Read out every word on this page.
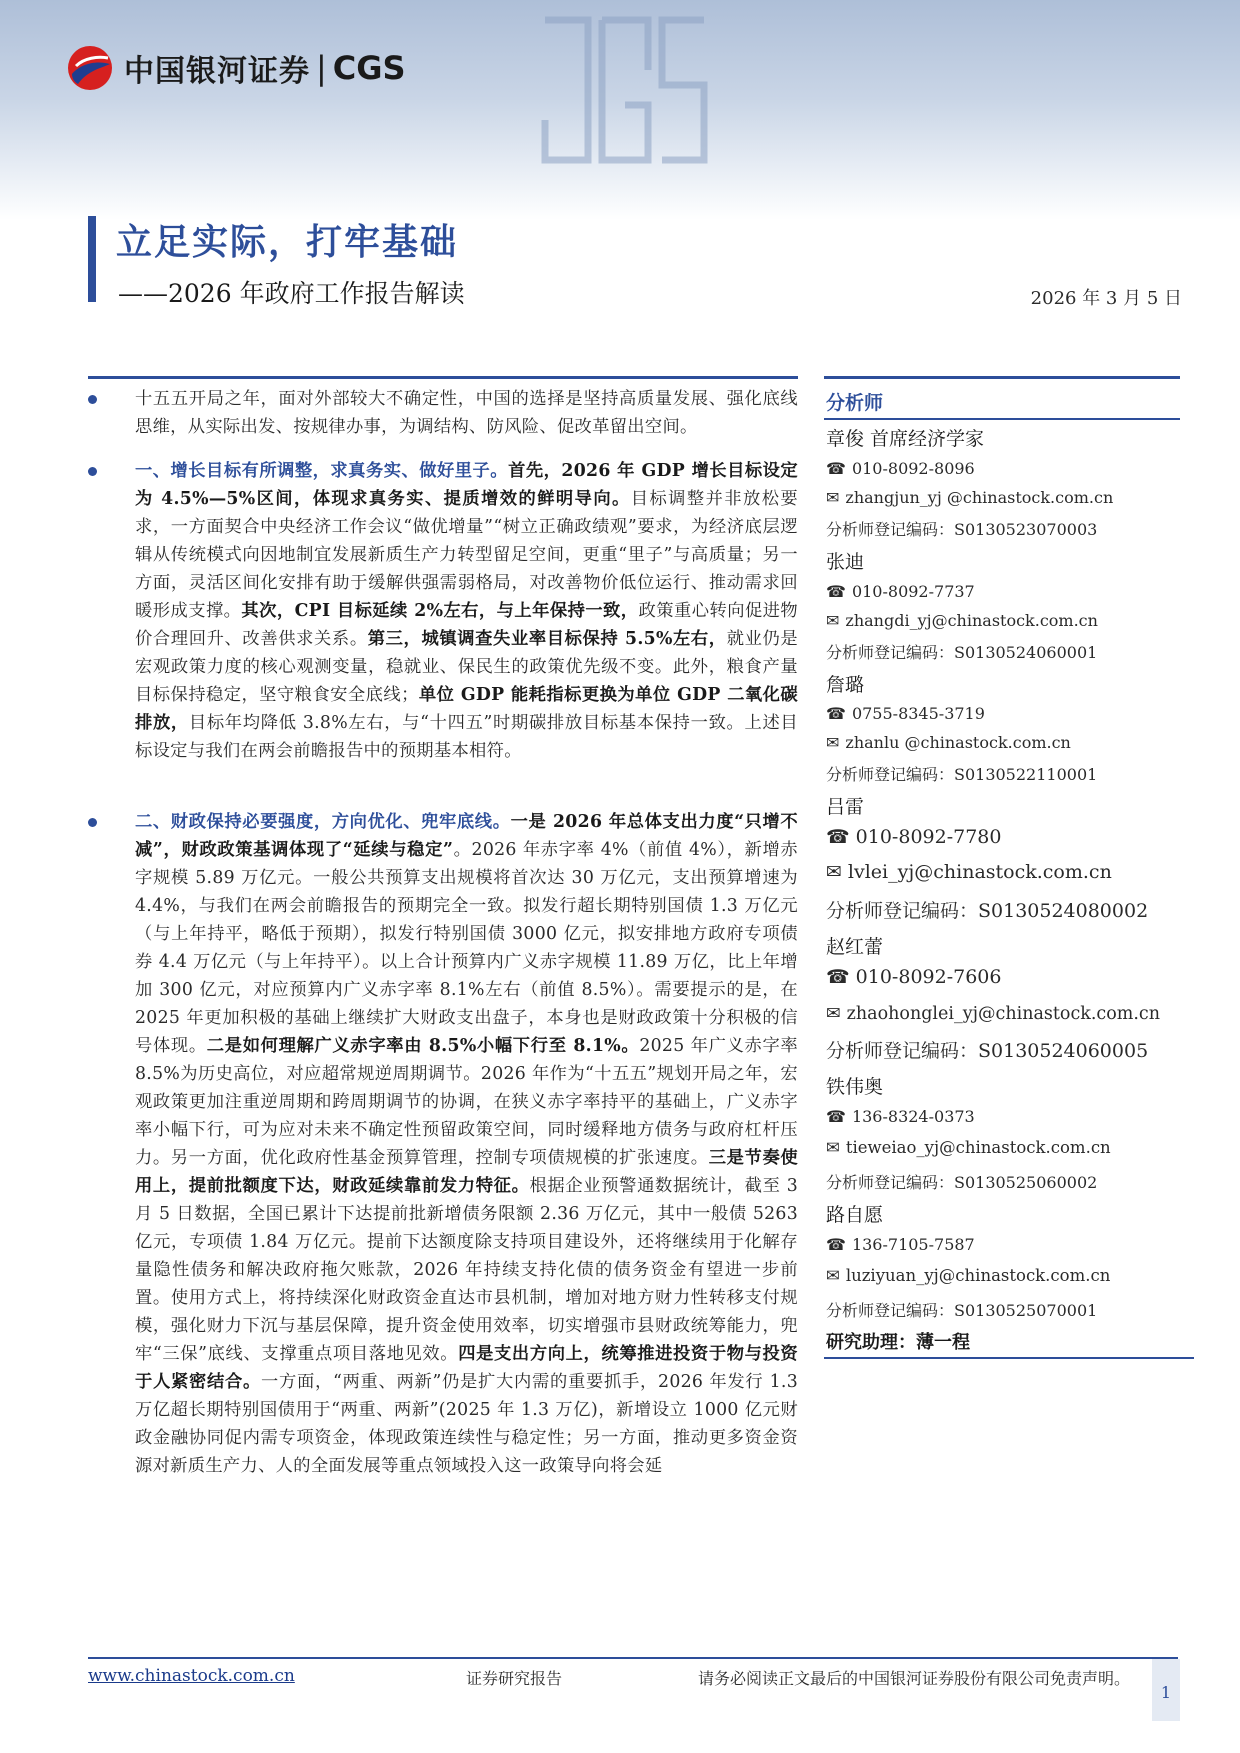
中国银河证券 | CGS
立足实际，打牢基础
——2026 年政府工作报告解读	2026 年 3 月 5 日
十五五开局之年，面对外部较大不确定性，中国的选择是坚持高质量发展、强化底线思维，从实际出发、按规律办事，为调结构、防风险、促改革留出空间。
一、增长目标有所调整，求真务实、做好里子。首先，2026 年 GDP 增长目标设定为 4.5%—5%区间，体现求真务实、提质增效的鲜明导向。目标调整并非放松要求，一方面契合中央经济工作会议“做优增量”“树立正确政绩观”要求，为经济底层逻辑从传统模式向因地制宜发展新质生产力转型留足空间，更重“里子”与高质量；另一方面，灵活区间化安排有助于缓解供强需弱格局，对改善物价低位运行、推动需求回暖形成支撑。其次，CPI 目标延续 2%左右，与上年保持一致，政策重心转向促进物价合理回升、改善供求关系。第三，城镇调查失业率目标保持 5.5%左右，就业仍是宏观政策力度的核心观测变量，稳就业、保民生的政策优先级不变。此外，粮食产量目标保持稳定，坚守粮食安全底线；单位 GDP 能耗指标更换为单位 GDP 二氧化碳排放，目标年均降低 3.8%左右，与“十四五”时期碳排放目标基本保持一致。上述目标设定与我们在两会前瞻报告中的预期基本相符。
二、财政保持必要强度，方向优化、兜牢底线。一是 2026 年总体支出力度“只增不减”，财政政策基调体现了“延续与稳定”。2026 年赤字率 4%（前值 4%），新增赤字规模 5.89 万亿元。一般公共预算支出规模将首次达 30 万亿元，支出预算增速为 4.4%，与我们在两会前瞻报告的预期完全一致。拟发行超长期特别国债 1.3 万亿元（与上年持平，略低于预期），拟发行特别国债 3000 亿元，拟安排地方政府专项债券 4.4 万亿元（与上年持平）。以上合计预算内广义赤字规模 11.89 万亿，比上年增加 300 亿元，对应预算内广义赤字率 8.1%左右（前值 8.5%）。需要提示的是，在 2025 年更加积极的基础上继续扩大财政支出盘子，本身也是财政政策十分积极的信号体现。二是如何理解广义赤字率由 8.5%小幅下行至 8.1%。2025 年广义赤字率 8.5%为历史高位，对应超常规逆周期调节。2026 年作为“十五五”规划开局之年，宏观政策更加注重逆周期和跨周期调节的协调，在狭义赤字率持平的基础上，广义赤字率小幅下行，可为应对未来不确定性预留政策空间，同时缓释地方债务与政府杠杆压力。另一方面，优化政府性基金预算管理，控制专项债规模的扩张速度。三是节奏使用上，提前批额度下达，财政延续靠前发力特征。根据企业预警通数据统计，截至 3 月 5 日数据，全国已累计下达提前批新增债务限额 2.36 万亿元，其中一般债 5263 亿元，专项债 1.84 万亿元。提前下达额度除支持项目建设外，还将继续用于化解存量隐性债务和解决政府拖欠账款，2026 年持续支持化债的债务资金有望进一步前置。使用方式上，将持续深化财政资金直达市县机制，增加对地方财力性转移支付规模，强化财力下沉与基层保障，提升资金使用效率，切实增强市县财政统筹能力，兜牢“三保”底线、支撑重点项目落地见效。四是支出方向上，统筹推进投资于物与投资于人紧密结合。一方面，“两重、两新”仍是扩大内需的重要抓手，2026 年发行 1.3 万亿超长期特别国债用于“两重、两新”(2025 年 1.3 万亿)，新增设立 1000 亿元财政金融协同促内需专项资金，体现政策连续性与稳定性；另一方面，推动更多资金资源对新质生产力、人的全面发展等重点领域投入这一政策导向将会延
分析师
章俊 首席经济学家
☎ 010-8092-8096
✉ zhangjun_yj @chinastock.com.cn
分析师登记编码：S0130523070003
张迪
☎ 010-8092-7737
✉ zhangdi_yj@chinastock.com.cn
分析师登记编码：S0130524060001
詹璐
☎ 0755-8345-3719
✉ zhanlu @chinastock.com.cn
分析师登记编码：S0130522110001
吕雷
☎ 010-8092-7780
✉ lvlei_yj@chinastock.com.cn
分析师登记编码：S0130524080002
赵红蕾
☎ 010-8092-7606
✉ zhaohonglei_yj@chinastock.com.cn
分析师登记编码：S0130524060005
铁伟奥
☎ 136-8324-0373
✉ tieweiao_yj@chinastock.com.cn
分析师登记编码：S0130525060002
路自愿
☎ 136-7105-7587
✉ luziyuan_yj@chinastock.com.cn
分析师登记编码：S0130525070001
研究助理：薄一程
www.chinastock.com.cn	证券研究报告	请务必阅读正文最后的中国银河证券股份有限公司免责声明。
1
